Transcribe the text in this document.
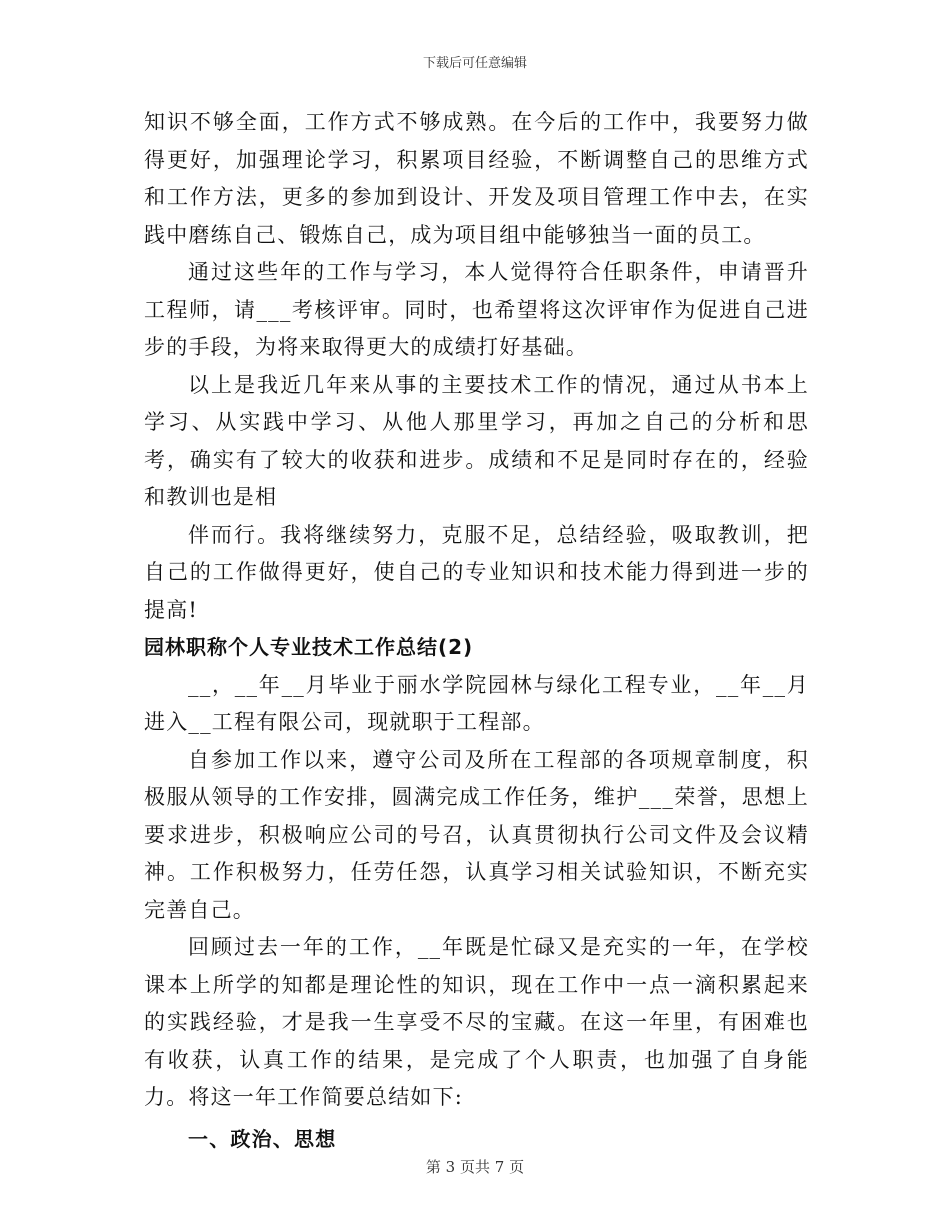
下载后可任意编辑

知识不够全面，工作方式不够成熟。在今后的工作中，我要努力做得更好，加强理论学习，积累项目经验，不断调整自己的思维方式和工作方法，更多的参加到设计、开发及项目管理工作中去，在实践中磨练自己、锻炼自己，成为项目组中能够独当一面的员工。

通过这些年的工作与学习，本人觉得符合任职条件，申请晋升工程师，请___考核评审。同时，也希望将这次评审作为促进自己进步的手段，为将来取得更大的成绩打好基础。

以上是我近几年来从事的主要技术工作的情况，通过从书本上学习、从实践中学习、从他人那里学习，再加之自己的分析和思考，确实有了较大的收获和进步。成绩和不足是同时存在的，经验和教训也是相

伴而行。我将继续努力，克服不足，总结经验，吸取教训，把自己的工作做得更好，使自己的专业知识和技术能力得到进一步的提高!

园林职称个人专业技术工作总结(2)

__，__年__月毕业于丽水学院园林与绿化工程专业，__年__月进入__工程有限公司，现就职于工程部。

自参加工作以来，遵守公司及所在工程部的各项规章制度，积极服从领导的工作安排，圆满完成工作任务，维护___荣誉，思想上要求进步，积极响应公司的号召，认真贯彻执行公司文件及会议精神。工作积极努力，任劳任怨，认真学习相关试验知识，不断充实完善自己。

回顾过去一年的工作，__年既是忙碌又是充实的一年，在学校课本上所学的知都是理论性的知识，现在工作中一点一滴积累起来的实践经验，才是我一生享受不尽的宝藏。在这一年里，有困难也有收获，认真工作的结果，是完成了个人职责，也加强了自身能力。将这一年工作简要总结如下:

一、政治、思想

第 3 页共 7 页
